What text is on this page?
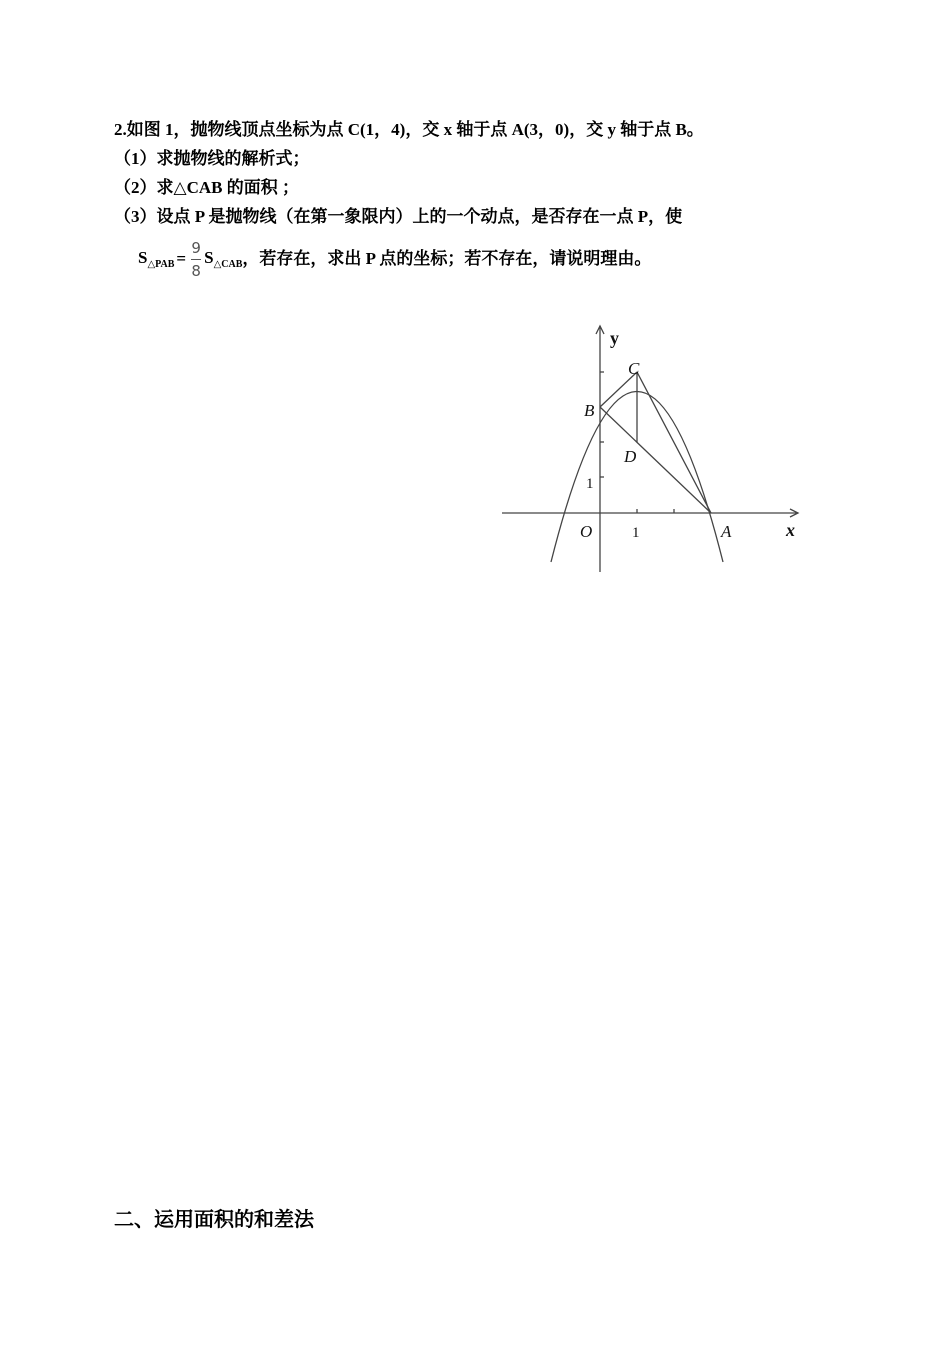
2.如图 1，抛物线顶点坐标为点 C(1，4)，交 x 轴于点 A(3，0)，交 y 轴于点 B。
（1）求抛物线的解析式；
（2）求△CAB 的面积 ；
（3）设点 P 是抛物线（在第一象限内）上的一个动点，是否存在一点 P，使
$S_{\triangle PAB} = \frac{9}{8} S_{\triangle CAB}$ ，若存在，求出 P 点的坐标；若不存在，请说明理由。
y
x
O	1
1
A
B
C
D
二、运用面积的和差法
